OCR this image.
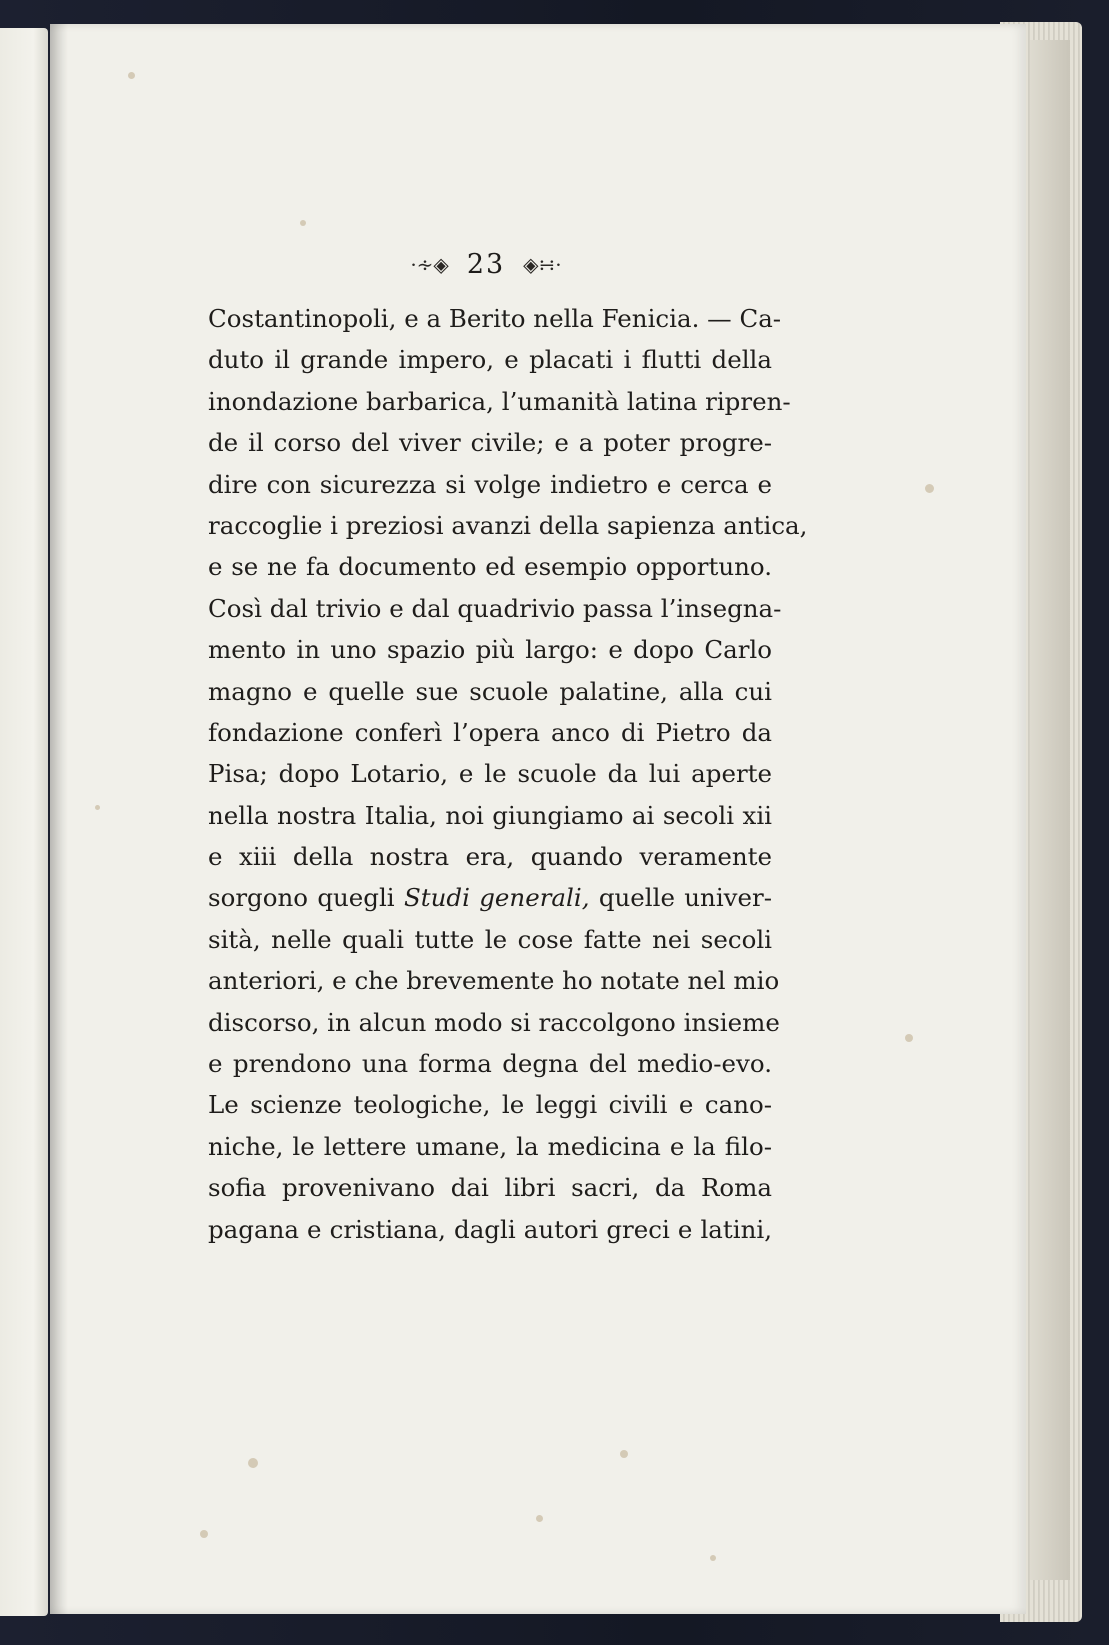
·∻◈ 23 ◈∺·
Costantinopoli, e a Berito nella Fenicia. — Ca-
duto il grande impero, e placati i flutti della
inondazione barbarica, l’umanità latina ripren-
de il corso del viver civile; e a poter progre-
dire con sicurezza si volge indietro e cerca e
raccoglie i preziosi avanzi della sapienza antica,
e se ne fa documento ed esempio opportuno.
Così dal trivio e dal quadrivio passa l’insegna-
mento in uno spazio più largo: e dopo Carlo
magno e quelle sue scuole palatine, alla cui
fondazione conferì l’opera anco di Pietro da
Pisa; dopo Lotario, e le scuole da lui aperte
nella nostra Italia, noi giungiamo ai secoli xii
e xiii della nostra era, quando veramente
sorgono quegli Studi generali, quelle univer-
sità, nelle quali tutte le cose fatte nei secoli
anteriori, e che brevemente ho notate nel mio
discorso, in alcun modo si raccolgono insieme
e prendono una forma degna del medio-evo.
Le scienze teologiche, le leggi civili e cano-
niche, le lettere umane, la medicina e la filo-
sofia provenivano dai libri sacri, da Roma
pagana e cristiana, dagli autori greci e latini,
